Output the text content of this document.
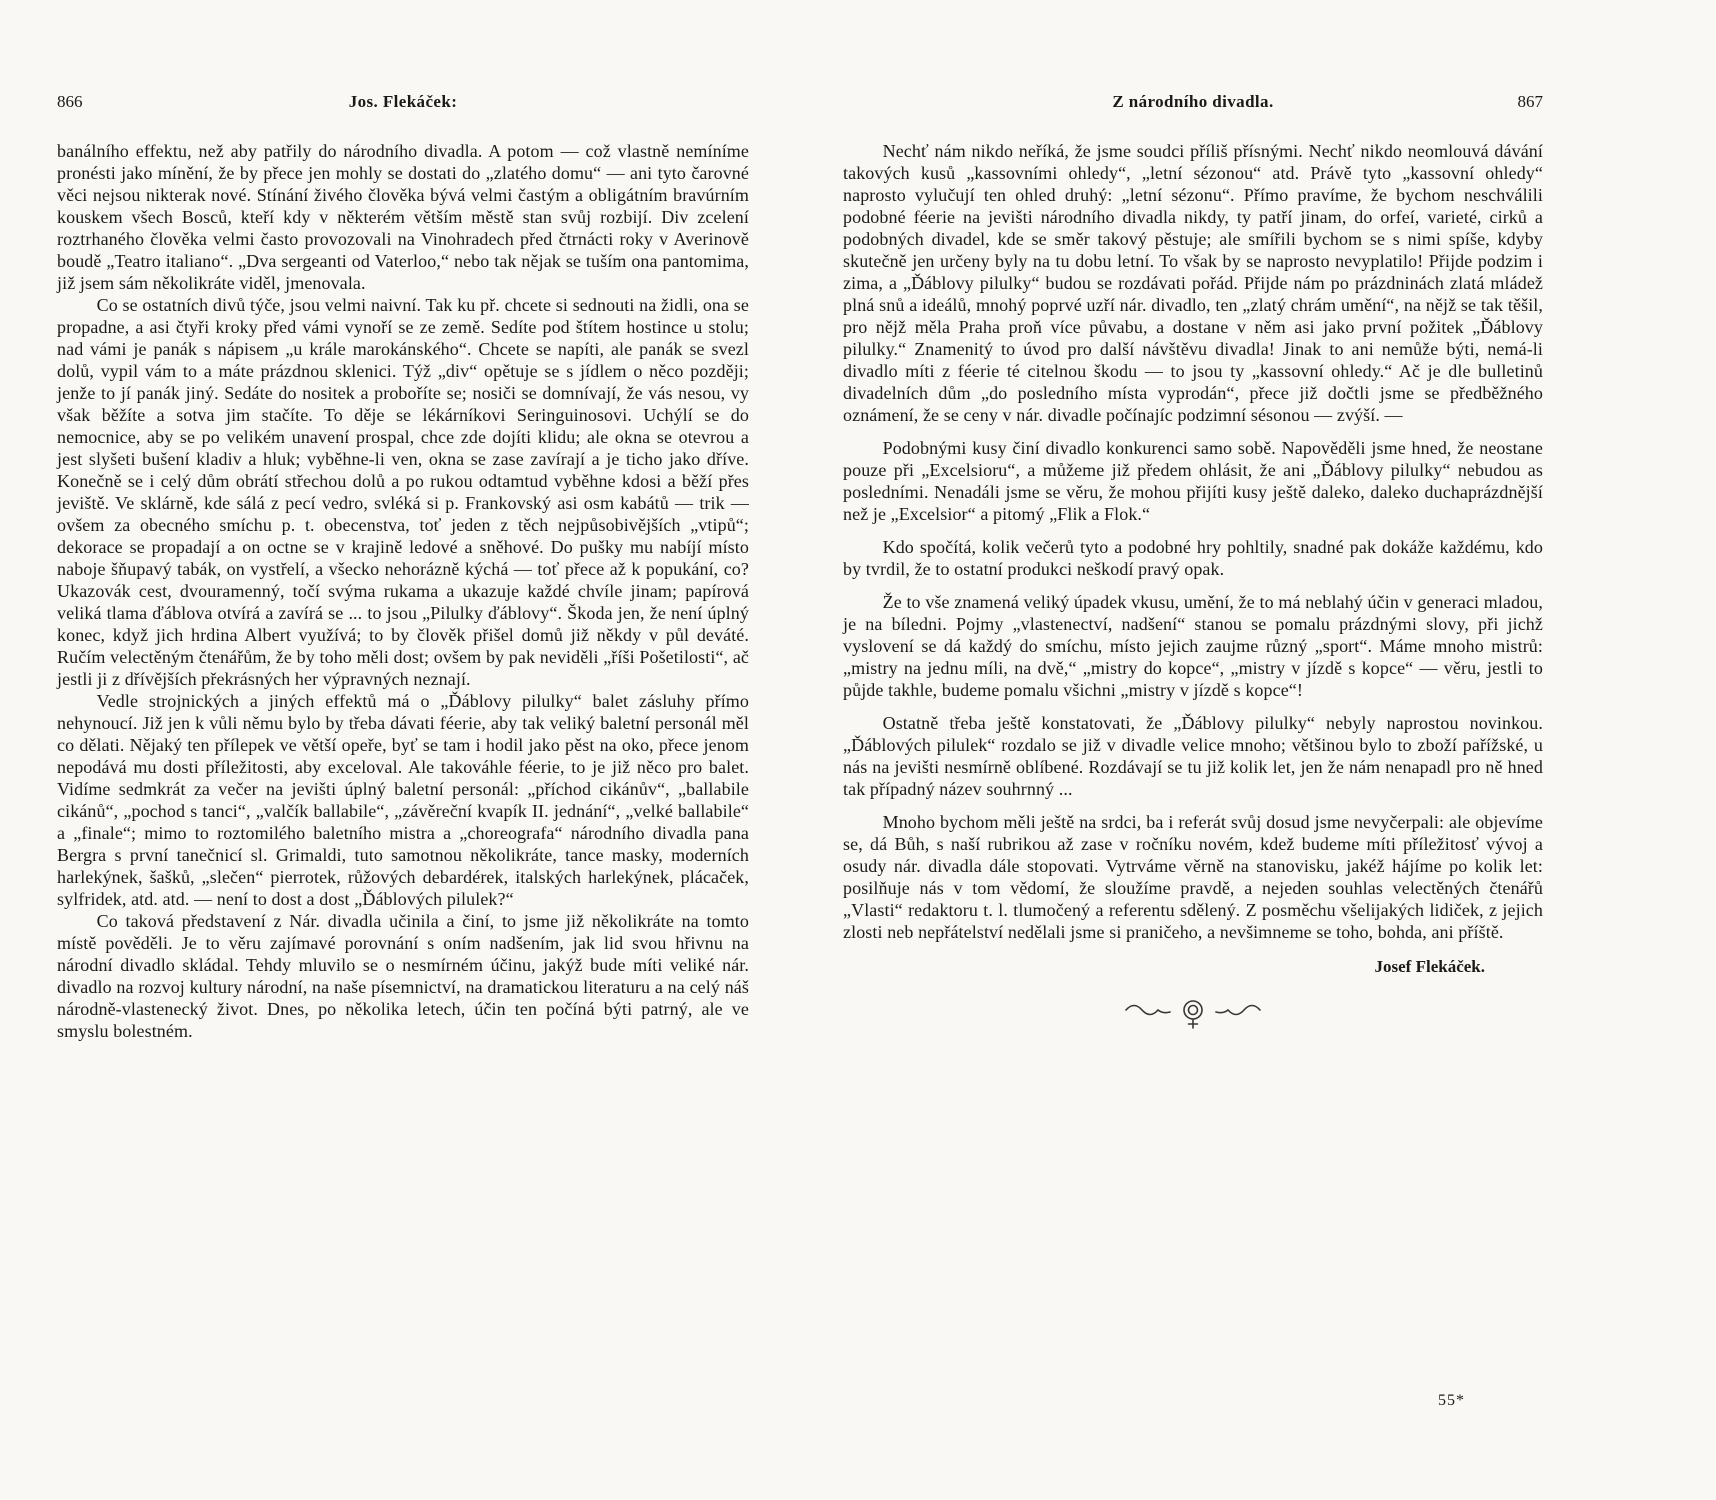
866	Jos. Flekáček:

banálního effektu, než aby patřily do národního divadla. A potom — což vlastně nemíníme pronésti jako mínění, že by přece jen mohly se dostati do „zlatého domu“ — ani tyto čarovné věci nejsou nikterak nové. Stínání živého člověka bývá velmi častým a obligátním bravúrním kouskem všech Bosců, kteří kdy v některém větším městě stan svůj rozbijí. Div zcelení roztrhaného člověka velmi často provozovali na Vinohradech před čtrnácti roky v Averinově boudě „Teatro italiano“. „Dva sergeanti od Vaterloo,“ nebo tak nějak se tuším ona pantomima, již jsem sám několikráte viděl, jmenovala.

Co se ostatních divů týče, jsou velmi naivní. Tak ku př. chcete si sednouti na židli, ona se propadne, a asi čtyři kroky před vámi vynoří se ze země. Sedíte pod štítem hostince u stolu; nad vámi je panák s nápisem „u krále marokánského“. Chcete se napíti, ale panák se svezl dolů, vypil vám to a máte prázdnou sklenici. Týž „div“ opětuje se s jídlem o něco později; jenže to jí panák jiný. Sedáte do nositek a proboříte se; nosiči se domnívají, že vás nesou, vy však běžíte a sotva jim stačíte. To děje se lékárníkovi Seringuinosovi. Uchýlí se do nemocnice, aby se po velikém unavení prospal, chce zde dojíti klidu; ale okna se otevrou a jest slyšeti bušení kladiv a hluk; vyběhne-li ven, okna se zase zavírají a je ticho jako dříve. Konečně se i celý dům obrátí střechou dolů a po rukou odtamtud vyběhne kdosi a běží přes jeviště. Ve sklárně, kde sálá z pecí vedro, svléká si p. Frankovský asi osm kabátů — trik — ovšem za obecného smíchu p. t. obecenstva, toť jeden z těch nejpůsobivějších „vtipů“; dekorace se propadají a on octne se v krajině ledové a sněhové. Do pušky mu nabíjí místo naboje šňupavý tabák, on vystřelí, a všecko nehorázně kýchá — toť přece až k popukání, co? Ukazovák cest, dvouramenný, točí svýma rukama a ukazuje každé chvíle jinam; papírová veliká tlama ďáblova otvírá a zavírá se ... to jsou „Pilulky ďáblovy“. Škoda jen, že není úplný konec, když jich hrdina Albert využívá; to by člověk přišel domů již někdy v půl deváté. Ručím velectěným čtenářům, že by toho měli dost; ovšem by pak neviděli „říši Pošetilosti“, ač jestli ji z dřívějších překrásných her výpravných neznají.

Vedle strojnických a jiných effektů má o „Ďáblovy pilulky“ balet zásluhy přímo nehynoucí. Již jen k vůli němu bylo by třeba dávati féerie, aby tak veliký baletní personál měl co dělati. Nějaký ten přílepek ve větší opeře, byť se tam i hodil jako pěst na oko, přece jenom nepodává mu dosti příležitosti, aby exceloval. Ale takováhle féerie, to je již něco pro balet. Vidíme sedmkrát za večer na jevišti úplný baletní personál: „příchod cikánův“, „ballabile cikánů“, „pochod s tanci“, „valčík ballabile“, „závěreční kvapík II. jednání“, „velké ballabile“ a „finale“; mimo to roztomilého baletního mistra a „choreografa“ národního divadla pana Bergra s první tanečnicí sl. Grimaldi, tuto samotnou několikráte, tance masky, moderních harlekýnek, šašků, „slečen“ pierrotek, růžových debardérek, italských harlekýnek, plácaček, sylfridek, atd. atd. — není to dost a dost „Ďáblových pilulek?“

Co taková představení z Nár. divadla učinila a činí, to jsme již několikráte na tomto místě pověděli. Je to věru zajímavé porovnání s oním nadšením, jak lid svou hřivnu na národní divadlo skládal. Tehdy mluvilo se o nesmírném účinu, jakýž bude míti veliké nár. divadlo na rozvoj kultury národní, na naše písemnictví, na dramatickou literaturu a na celý náš národně-vlastenecký život. Dnes, po několika letech, účin ten počíná býti patrný, ale ve smyslu bolestném.

Z národního divadla.	867

Nechť nám nikdo neříká, že jsme soudci příliš přísnými. Nechť nikdo neomlouvá dávání takových kusů „kassovními ohledy“, „letní sézonou“ atd. Právě tyto „kassovní ohledy“ naprosto vylučují ten ohled druhý: „letní sézonu“. Přímo pravíme, že bychom neschválili podobné féerie na jevišti národního divadla nikdy, ty patří jinam, do orfeí, varieté, cirků a podobných divadel, kde se směr takový pěstuje; ale smířili bychom se s nimi spíše, kdyby skutečně jen určeny byly na tu dobu letní. To však by se naprosto nevyplatilo! Přijde podzim i zima, a „Ďáblovy pilulky“ budou se rozdávati pořád. Přijde nám po prázdninách zlatá mládež plná snů a ideálů, mnohý poprvé uzří nár. divadlo, ten „zlatý chrám umění“, na nějž se tak těšil, pro nějž měla Praha proň více půvabu, a dostane v něm asi jako první požitek „Ďáblovy pilulky.“ Znamenitý to úvod pro další návštěvu divadla! Jinak to ani nemůže býti, nemá-li divadlo míti z féerie té citelnou škodu — to jsou ty „kassovní ohledy.“ Ač je dle bulletinů divadelních dům „do posledního místa vyprodán“, přece již dočtli jsme se předběžného oznámení, že se ceny v nár. divadle počínajíc podzimní sésonou — zvýší. —

Podobnými kusy činí divadlo konkurenci samo sobě. Napověděli jsme hned, že neostane pouze při „Excelsioru“, a můžeme již předem ohlásit, že ani „Ďáblovy pilulky“ nebudou as posledními. Nenadáli jsme se věru, že mohou přijíti kusy ještě daleko, daleko duchaprázdnější než je „Excelsior“ a pitomý „Flik a Flok.“

Kdo spočítá, kolik večerů tyto a podobné hry pohltily, snadné pak dokáže každému, kdo by tvrdil, že to ostatní produkci neškodí pravý opak.

Že to vše znamená veliký úpadek vkusu, umění, že to má neblahý účin v generaci mladou, je na bíledni. Pojmy „vlastenectví, nadšení“ stanou se pomalu prázdnými slovy, při jichž vyslovení se dá každý do smíchu, místo jejich zaujme různý „sport“. Máme mnoho mistrů: „mistry na jednu míli, na dvě,“ „mistry do kopce“, „mistry v jízdě s kopce“ — věru, jestli to půjde takhle, budeme pomalu všichni „mistry v jízdě s kopce“!

Ostatně třeba ještě konstatovati, že „Ďáblovy pilulky“ nebyly naprostou novinkou. „Ďáblových pilulek“ rozdalo se již v divadle velice mnoho; většinou bylo to zboží pařížské, u nás na jevišti nesmírně oblíbené. Rozdávají se tu již kolik let, jen že nám nenapadl pro ně hned tak případný název souhrnný ...

Mnoho bychom měli ještě na srdci, ba i referát svůj dosud jsme nevyčerpali: ale objevíme se, dá Bůh, s naší rubrikou až zase v ročníku novém, kdež budeme míti příležitosť vývoj a osudy nár. divadla dále stopovati. Vytrváme věrně na stanovisku, jakéž hájíme po kolik let: posilňuje nás v tom vědomí, že sloužíme pravdě, a nejeden souhlas velectěných čtenářů „Vlasti“ redaktoru t. l. tlumočený a referentu sdělený. Z posměchu všelijakých lidiček, z jejich zlosti neb nepřátelství nedělali jsme si praničeho, a nevšimneme se toho, bohda, ani příště.

Josef Flekáček.
55*
